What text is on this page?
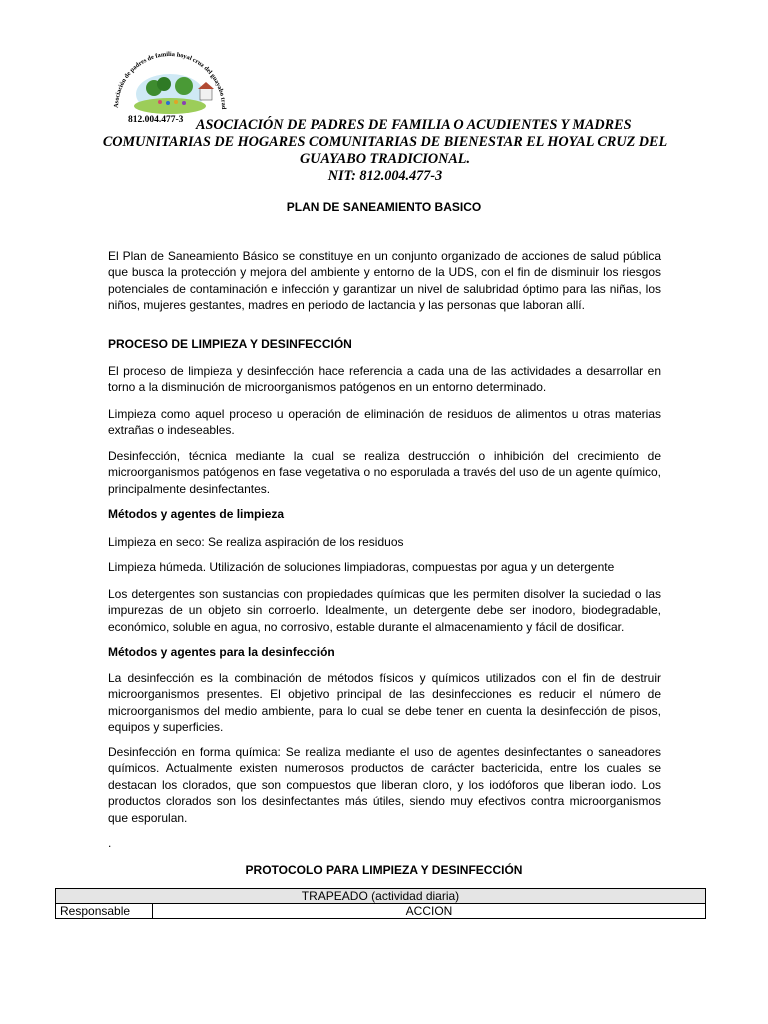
Asociación de padres de familia hoyal cruz del guayabo trad
812.004.477-3 ASOCIACIÓN DE PADRES DE FAMILIA O ACUDIENTES Y MADRES
COMUNITARIAS DE HOGARES COMUNITARIAS DE BIENESTAR EL HOYAL CRUZ DEL
GUAYABO TRADICIONAL.
NIT: 812.004.477-3
PLAN DE SANEAMIENTO BASICO

El Plan de Saneamiento Básico se constituye en un conjunto organizado de acciones de salud pública que busca la protección y mejora del ambiente y entorno de la UDS, con el fin de disminuir los riesgos potenciales de contaminación e infección y garantizar un nivel de salubridad óptimo para las niñas, los niños, mujeres gestantes, madres en periodo de lactancia y las personas que laboran allí.

PROCESO DE LIMPIEZA Y DESINFECCIÓN

El proceso de limpieza y desinfección hace referencia a cada una de las actividades a desarrollar en torno a la disminución de microorganismos patógenos en un entorno determinado.

Limpieza como aquel proceso u operación de eliminación de residuos de alimentos u otras materias extrañas o indeseables.

Desinfección, técnica mediante la cual se realiza destrucción o inhibición del crecimiento de microorganismos patógenos en fase vegetativa o no esporulada a través del uso de un agente químico, principalmente desinfectantes.

Métodos y agentes de limpieza

Limpieza en seco: Se realiza aspiración de los residuos

Limpieza húmeda. Utilización de soluciones limpiadoras, compuestas por agua y un detergente

Los detergentes son sustancias con propiedades químicas que les permiten disolver la suciedad o las impurezas de un objeto sin corroerlo. Idealmente, un detergente debe ser inodoro, biodegradable, económico, soluble en agua, no corrosivo, estable durante el almacenamiento y fácil de dosificar.

Métodos y agentes para la desinfección

La desinfección es la combinación de métodos físicos y químicos utilizados con el fin de destruir microorganismos presentes. El objetivo principal de las desinfecciones es reducir el número de microorganismos del medio ambiente, para lo cual se debe tener en cuenta la desinfección de pisos, equipos y superficies.

Desinfección en forma química: Se realiza mediante el uso de agentes desinfectantes o saneadores químicos. Actualmente existen numerosos productos de carácter bactericida, entre los cuales se destacan los clorados, que son compuestos que liberan cloro, y los iodóforos que liberan iodo. Los productos clorados son los desinfectantes más útiles, siendo muy efectivos contra microorganismos que esporulan.

.
PROTOCOLO PARA LIMPIEZA Y DESINFECCIÓN
TRAPEADO (actividad diaria)
Responsable	ACCION
